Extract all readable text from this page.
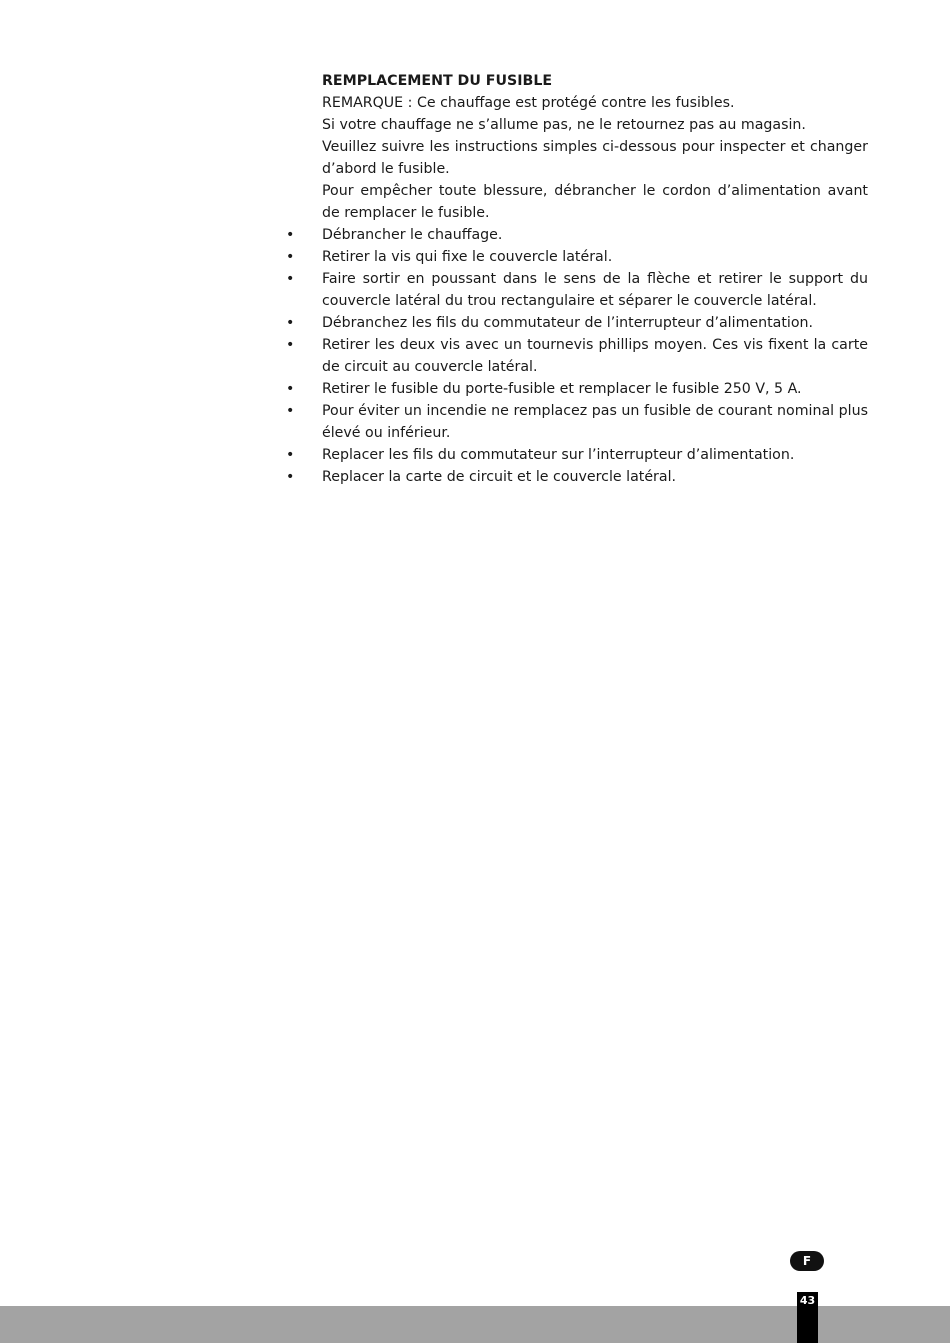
REMPLACEMENT DU FUSIBLE

REMARQUE : Ce chauffage est protégé contre les fusibles.

Si votre chauffage ne s’allume pas, ne le retournez pas au magasin.

Veuillez suivre les instructions simples ci-dessous pour inspecter et changer d’abord le fusible.

Pour empêcher toute blessure, débrancher le cordon d’alimentation avant de remplacer le fusible.

• Débrancher le chauffage.
• Retirer la vis qui fixe le couvercle latéral.
• Faire sortir en poussant dans le sens de la flèche et retirer le support du couvercle latéral du trou rectangulaire et séparer le couvercle latéral.
• Débranchez les fils du commutateur de l’interrupteur d’alimentation.
• Retirer les deux vis avec un tournevis phillips moyen. Ces vis fixent la carte de circuit au couvercle latéral.
• Retirer le fusible du porte-fusible et remplacer le fusible 250 V, 5 A.
• Pour éviter un incendie ne remplacez pas un fusible de courant nominal plus élevé ou inférieur.
• Replacer les fils du commutateur sur l’interrupteur d’alimentation.
• Replacer la carte de circuit et le couvercle latéral.
F
43
